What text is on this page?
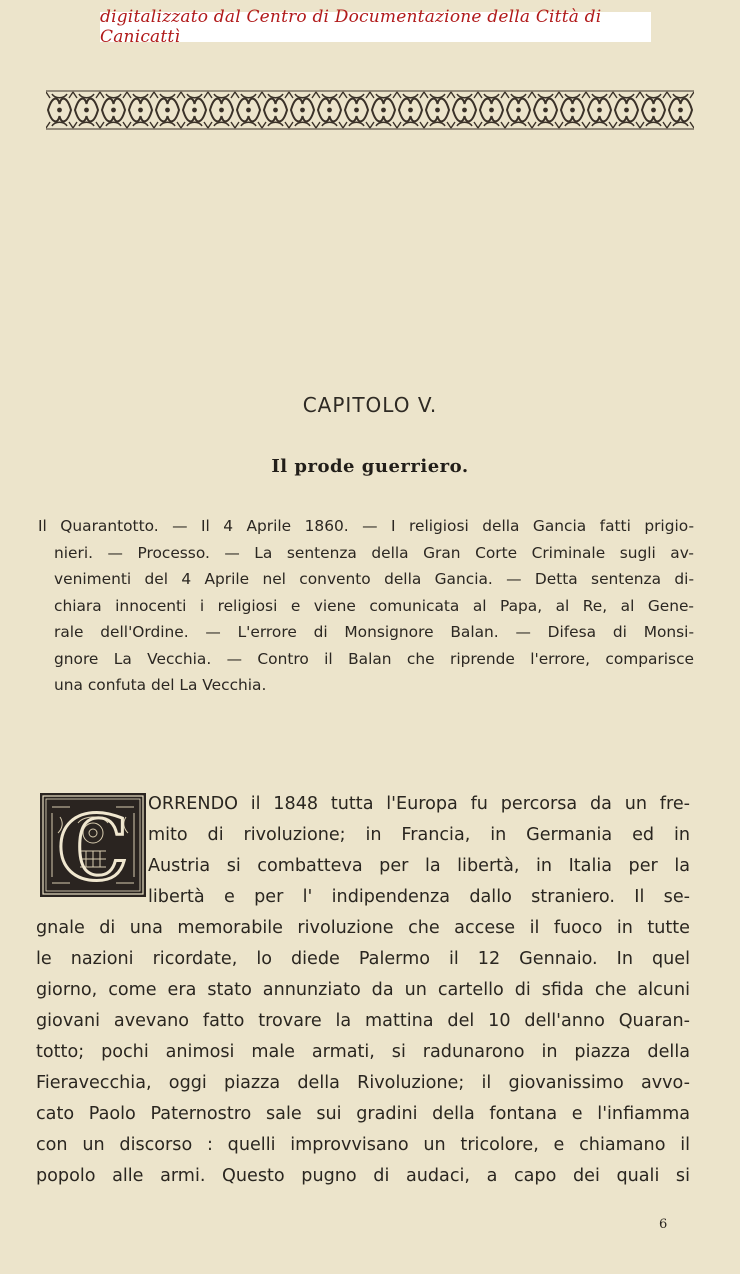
digitalizzato dal Centro di Documentazione della Città di Canicattì
CAPITOLO V.
Il prode guerriero.
Il Quarantotto. — Il 4 Aprile 1860. — I religiosi della Gancia fatti prigio-
nieri. — Processo. — La sentenza della Gran Corte Criminale sugli av-
venimenti del 4 Aprile nel convento della Gancia. — Detta sentenza di-
chiara innocenti i religiosi e viene comunicata al Papa, al Re, al Gene-
rale dell'Ordine. — L'errore di Monsignore Balan. — Difesa di Monsi-
gnore La Vecchia. — Contro il Balan che riprende l'errore, comparisce
una confuta del La Vecchia.
C	ORRENDO il 1848 tutta l'Europa fu percorsa da un fre-
mito di rivoluzione; in Francia, in Germania ed in
Austria si combatteva per la libertà, in Italia per la
libertà e per l' indipendenza dallo straniero. Il se-
gnale di una memorabile rivoluzione che accese il fuoco in tutte
le nazioni ricordate, lo diede Palermo il 12 Gennaio. In quel
giorno, come era stato annunziato da un cartello di sfida che alcuni
giovani avevano fatto trovare la mattina del 10 dell'anno Quaran-
totto; pochi animosi male armati, si radunarono in piazza della
Fieravecchia, oggi piazza della Rivoluzione; il giovanissimo avvo-
cato Paolo Paternostro sale sui gradini della fontana e l'infiamma
con un discorso : quelli improvvisano un tricolore, e chiamano il
popolo alle armi. Questo pugno di audaci, a capo dei quali si
6
